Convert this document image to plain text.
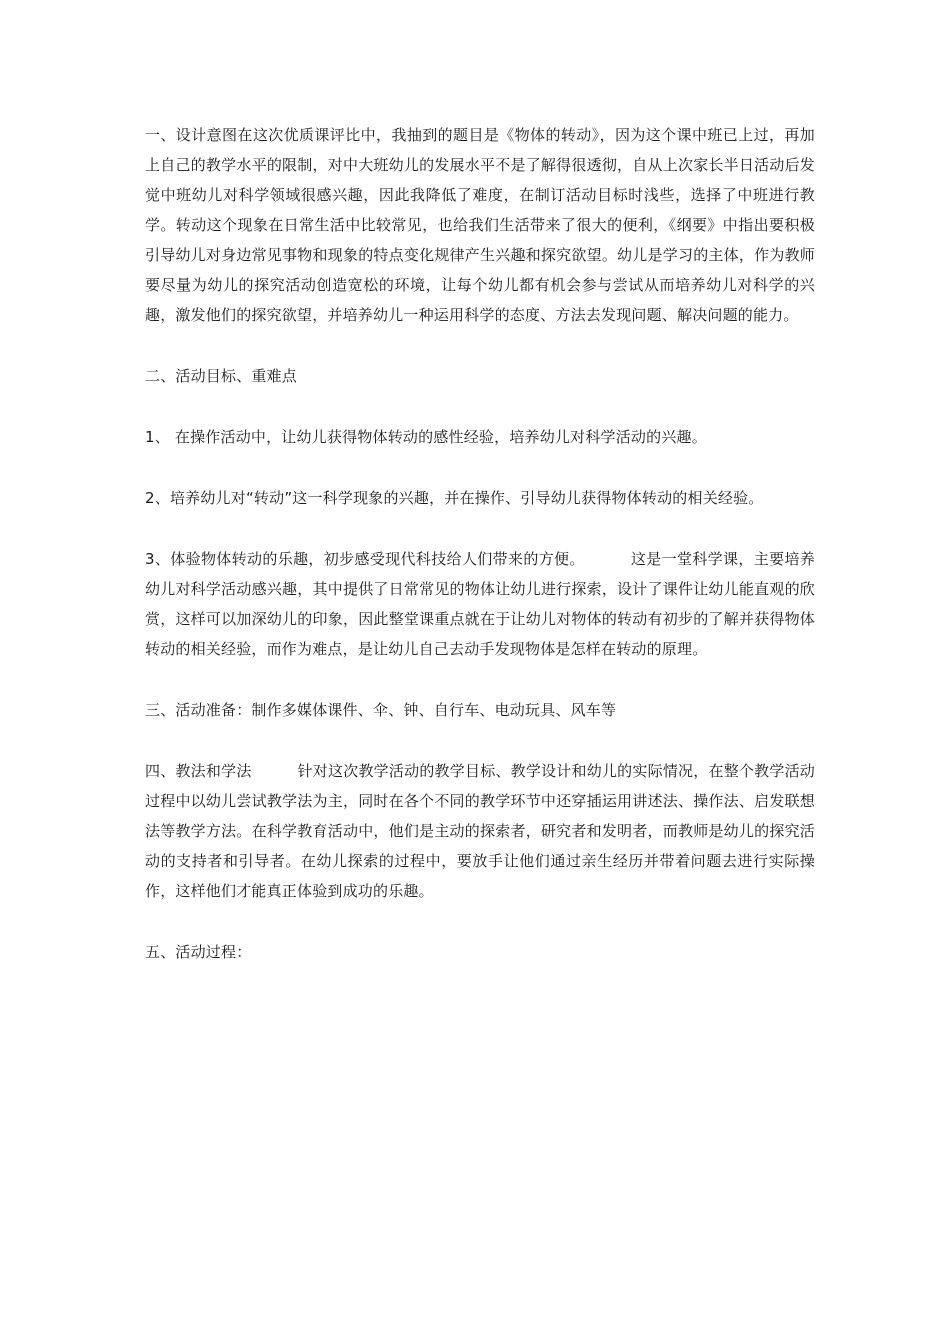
一、设计意图在这次优质课评比中，我抽到的题目是《物体的转动》，因为这个课中班已上过，再加上自己的教学水平的限制，对中大班幼儿的发展水平不是了解得很透彻，自从上次家长半日活动后发觉中班幼儿对科学领域很感兴趣，因此我降低了难度，在制订活动目标时浅些，选择了中班进行教学。转动这个现象在日常生活中比较常见，也给我们生活带来了很大的便利，《纲要》中指出要积极引导幼儿对身边常见事物和现象的特点变化规律产生兴趣和探究欲望。幼儿是学习的主体，作为教师要尽量为幼儿的探究活动创造宽松的环境，让每个幼儿都有机会参与尝试从而培养幼儿对科学的兴趣，激发他们的探究欲望，并培养幼儿一种运用科学的态度、方法去发现问题、解决问题的能力。

二、活动目标、重难点

1、 在操作活动中，让幼儿获得物体转动的感性经验，培养幼儿对科学活动的兴趣。

2、培养幼儿对“转动”这一科学现象的兴趣，并在操作、引导幼儿获得物体转动的相关经验。

3、体验物体转动的乐趣，初步感受现代科技给人们带来的方便。	这是一堂科学课，主要培养幼儿对科学活动感兴趣，其中提供了日常常见的物体让幼儿进行探索，设计了课件让幼儿能直观的欣赏，这样可以加深幼儿的印象，因此整堂课重点就在于让幼儿对物体的转动有初步的了解并获得物体转动的相关经验，而作为难点，是让幼儿自己去动手发现物体是怎样在转动的原理。

三、活动准备：制作多媒体课件、伞、钟、自行车、电动玩具、风车等

四、教法和学法	针对这次教学活动的教学目标、教学设计和幼儿的实际情况，在整个教学活动过程中以幼儿尝试教学法为主，同时在各个不同的教学环节中还穿插运用讲述法、操作法、启发联想法等教学方法。在科学教育活动中，他们是主动的探索者，研究者和发明者，而教师是幼儿的探究活动的支持者和引导者。在幼儿探索的过程中，要放手让他们通过亲生经历并带着问题去进行实际操作，这样他们才能真正体验到成功的乐趣。

五、活动过程：
